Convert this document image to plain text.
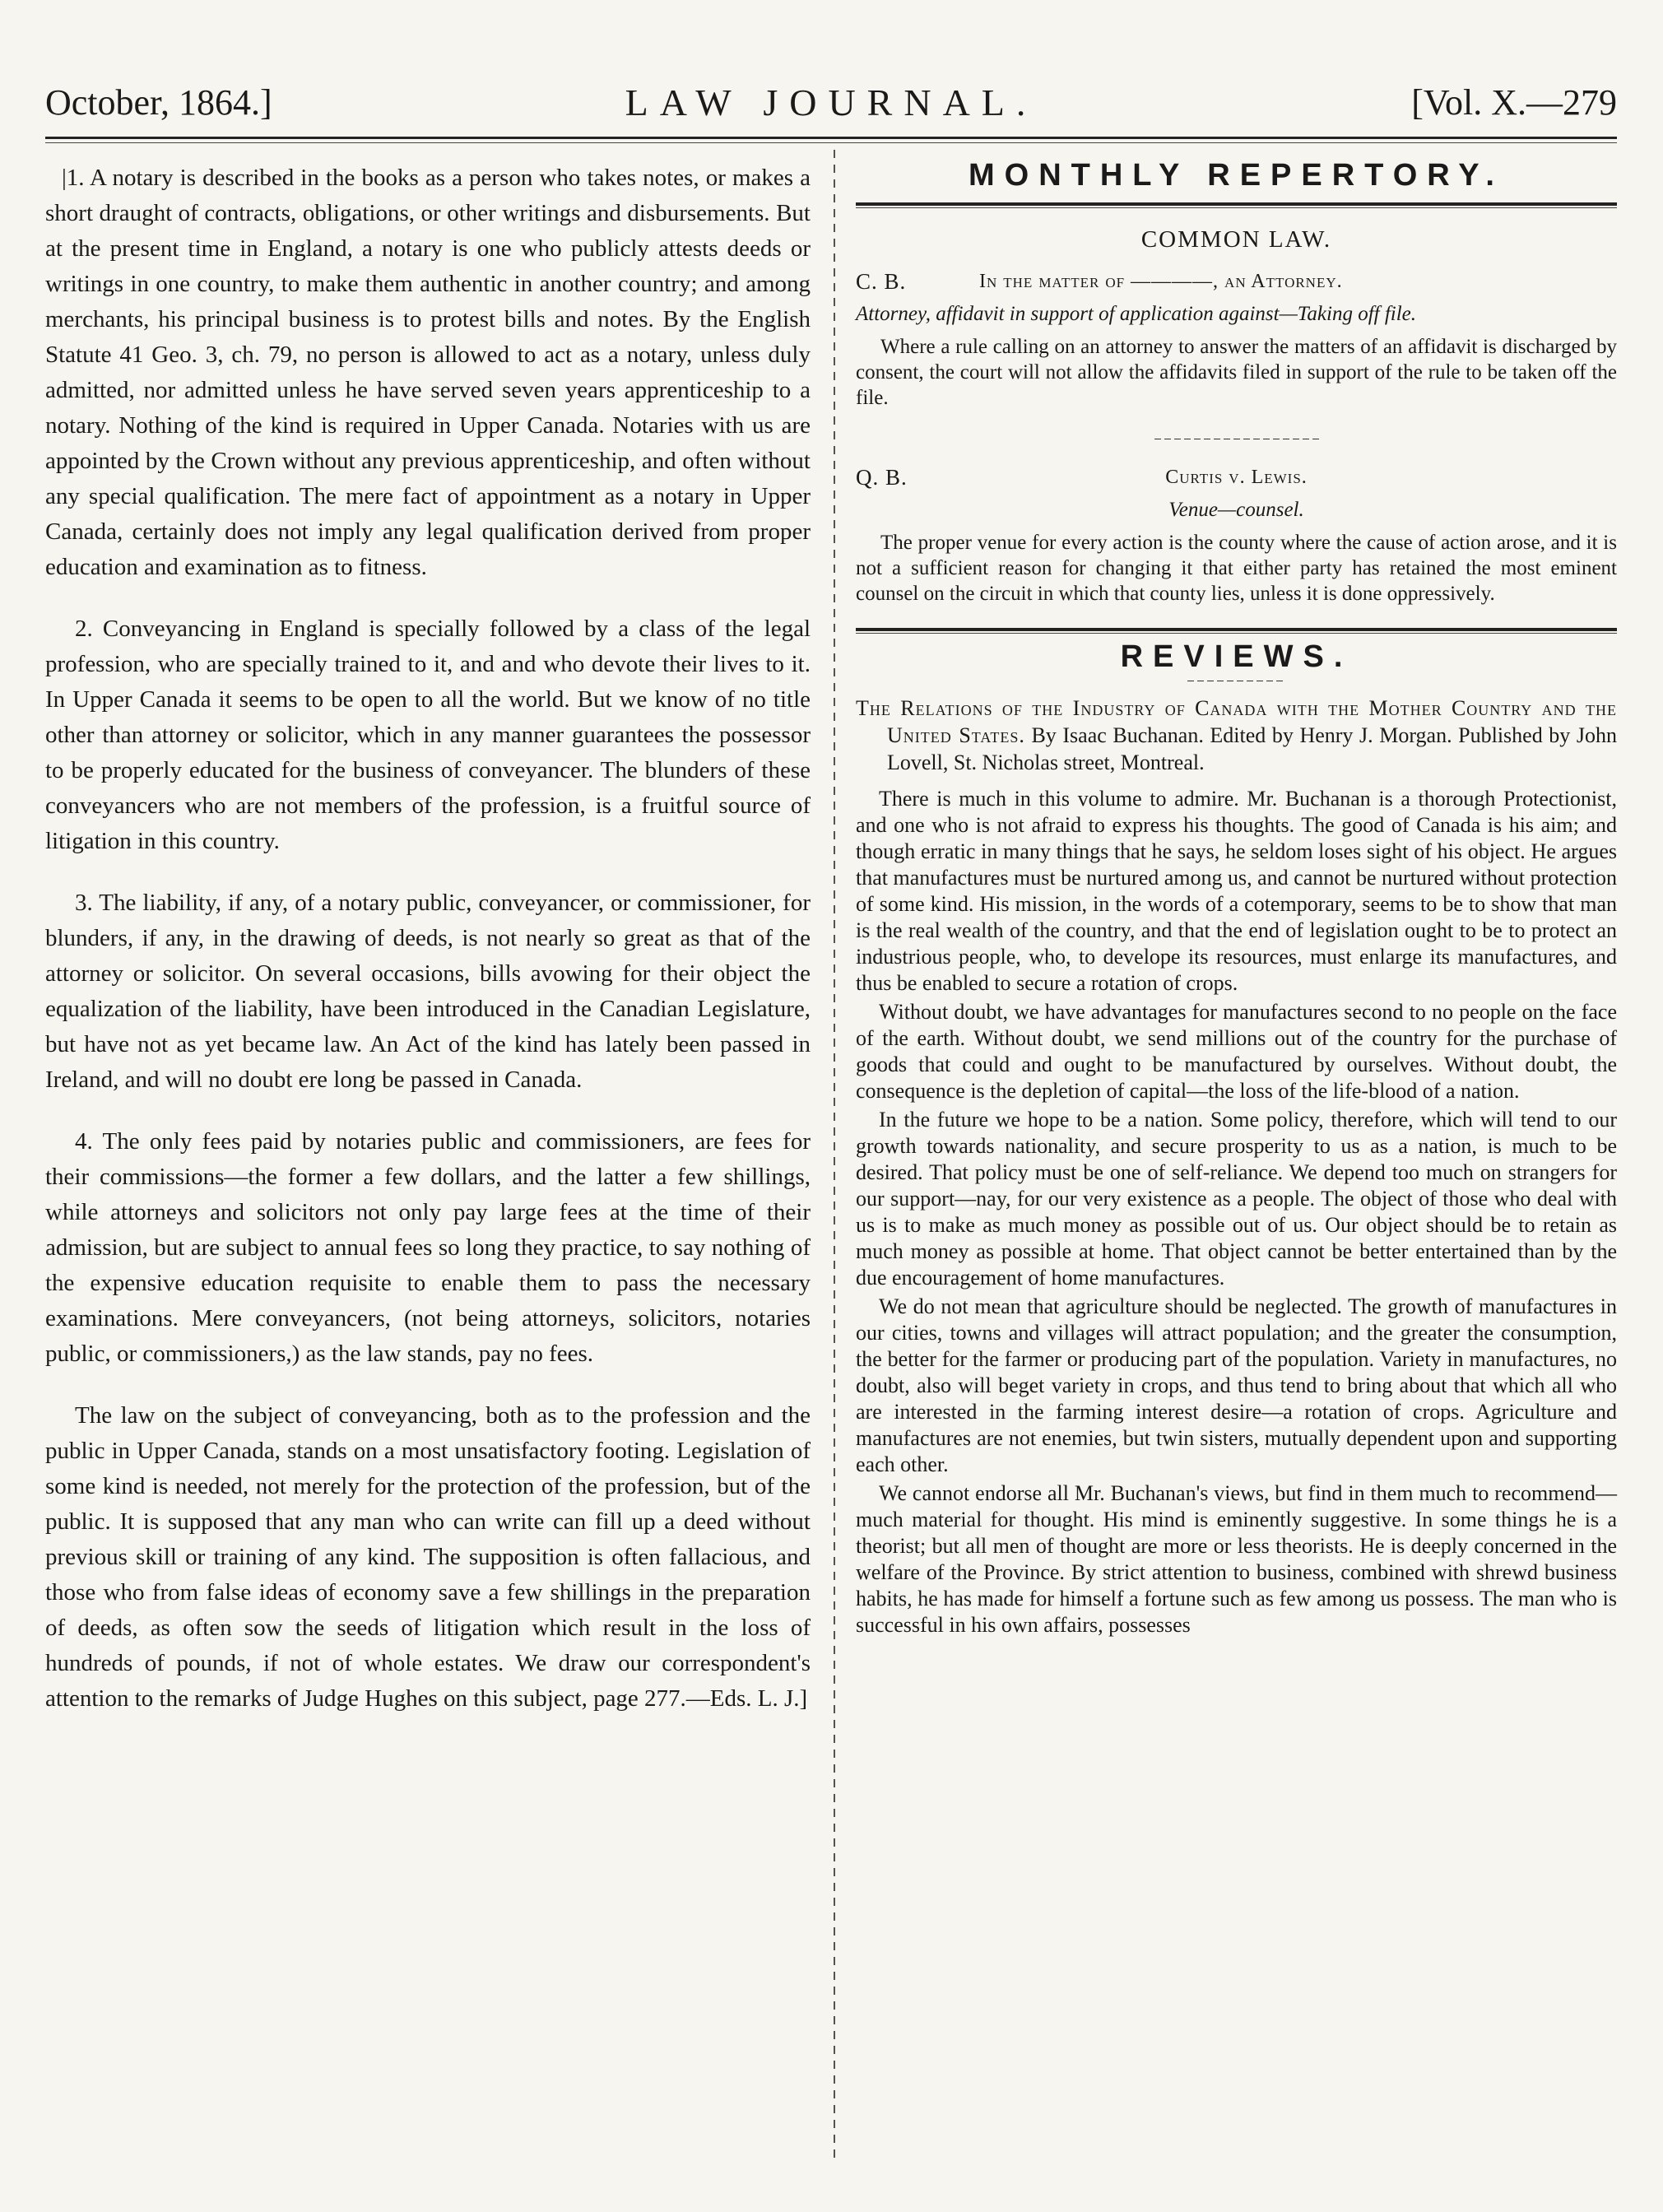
October, 1864.]	LAW JOURNAL.	[Vol. X.—279

|1. A notary is described in the books as a person who takes notes, or makes a short draught of contracts, obligations, or other writings and disbursements. But at the present time in England, a notary is one who publicly attests deeds or writings in one country, to make them authentic in another country; and among merchants, his principal business is to protest bills and notes. By the English Statute 41 Geo. 3, ch. 79, no person is allowed to act as a notary, unless duly admitted, nor admitted unless he have served seven years apprenticeship to a notary. Nothing of the kind is required in Upper Canada. Notaries with us are appointed by the Crown without any previous apprenticeship, and often without any special qualification. The mere fact of appointment as a notary in Upper Canada, certainly does not imply any legal qualification derived from proper education and examination as to fitness.

2. Conveyancing in England is specially followed by a class of the legal profession, who are specially trained to it, and and who devote their lives to it. In Upper Canada it seems to be open to all the world. But we know of no title other than attorney or solicitor, which in any manner guarantees the possessor to be properly educated for the business of conveyancer. The blunders of these conveyancers who are not members of the profession, is a fruitful source of litigation in this country.

3. The liability, if any, of a notary public, conveyancer, or commissioner, for blunders, if any, in the drawing of deeds, is not nearly so great as that of the attorney or solicitor. On several occasions, bills avowing for their object the equalization of the liability, have been introduced in the Canadian Legislature, but have not as yet became law. An Act of the kind has lately been passed in Ireland, and will no doubt ere long be passed in Canada.

4. The only fees paid by notaries public and commissioners, are fees for their commissions—the former a few dollars, and the latter a few shillings, while attorneys and solicitors not only pay large fees at the time of their admission, but are subject to annual fees so long they practice, to say nothing of the expensive education requisite to enable them to pass the necessary examinations. Mere conveyancers, (not being attorneys, solicitors, notaries public, or commissioners,) as the law stands, pay no fees.

The law on the subject of conveyancing, both as to the profession and the public in Upper Canada, stands on a most unsatisfactory footing. Legislation of some kind is needed, not merely for the protection of the profession, but of the public. It is supposed that any man who can write can fill up a deed without previous skill or training of any kind. The supposition is often fallacious, and those who from false ideas of economy save a few shillings in the preparation of deeds, as often sow the seeds of litigation which result in the loss of hundreds of pounds, if not of whole estates. We draw our correspondent's attention to the remarks of Judge Hughes on this subject, page 277.—Eds. L. J.]

MONTHLY REPERTORY.
COMMON LAW.
C. B.	In the matter of ————, an Attorney.
Attorney, affidavit in support of application against—Taking off file.

Where a rule calling on an attorney to answer the matters of an affidavit is discharged by consent, the court will not allow the affidavits filed in support of the rule to be taken off the file.

Q. B.	Curtis v. Lewis.
Venue—counsel.

The proper venue for every action is the county where the cause of action arose, and it is not a sufficient reason for changing it that either party has retained the most eminent counsel on the circuit in which that county lies, unless it is done oppressively.

REVIEWS.
The Relations of the Industry of Canada with the Mother Country and the United States. By Isaac Buchanan. Edited by Henry J. Morgan. Published by John Lovell, St. Nicholas street, Montreal.

There is much in this volume to admire. Mr. Buchanan is a thorough Protectionist, and one who is not afraid to express his thoughts. The good of Canada is his aim; and though erratic in many things that he says, he seldom loses sight of his object. He argues that manufactures must be nurtured among us, and cannot be nurtured without protection of some kind. His mission, in the words of a cotemporary, seems to be to show that man is the real wealth of the country, and that the end of legislation ought to be to protect an industrious people, who, to develope its resources, must enlarge its manufactures, and thus be enabled to secure a rotation of crops.

Without doubt, we have advantages for manufactures second to no people on the face of the earth. Without doubt, we send millions out of the country for the purchase of goods that could and ought to be manufactured by ourselves. Without doubt, the consequence is the depletion of capital—the loss of the life-blood of a nation.

In the future we hope to be a nation. Some policy, therefore, which will tend to our growth towards nationality, and secure prosperity to us as a nation, is much to be desired. That policy must be one of self-reliance. We depend too much on strangers for our support—nay, for our very existence as a people. The object of those who deal with us is to make as much money as possible out of us. Our object should be to retain as much money as possible at home. That object cannot be better entertained than by the due encouragement of home manufactures.

We do not mean that agriculture should be neglected. The growth of manufactures in our cities, towns and villages will attract population; and the greater the consumption, the better for the farmer or producing part of the population. Variety in manufactures, no doubt, also will beget variety in crops, and thus tend to bring about that which all who are interested in the farming interest desire—a rotation of crops. Agriculture and manufactures are not enemies, but twin sisters, mutually dependent upon and supporting each other.

We cannot endorse all Mr. Buchanan's views, but find in them much to recommend—much material for thought. His mind is eminently suggestive. In some things he is a theorist; but all men of thought are more or less theorists. He is deeply concerned in the welfare of the Province. By strict attention to business, combined with shrewd business habits, he has made for himself a fortune such as few among us possess. The man who is successful in his own affairs, possesses
